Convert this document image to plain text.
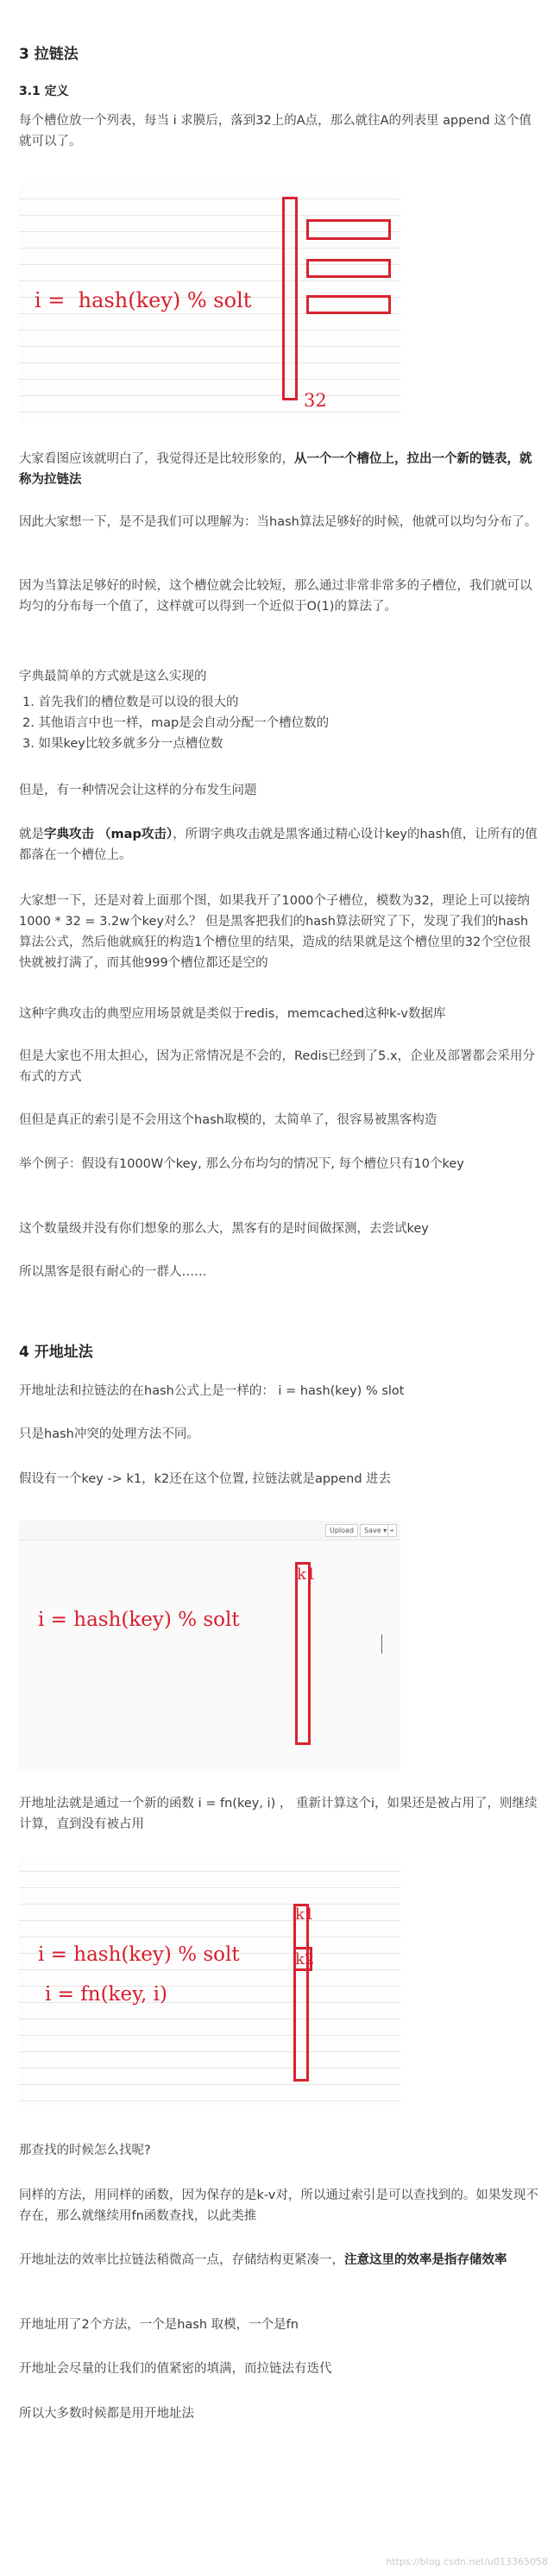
3 拉链法
3.1 定义

每个槽位放一个列表，每当 i 求膜后，落到32上的A点，那么就往A的列表里 append 这个值就可以了。

i =  hash(key) % solt
32

大家看图应该就明白了，我觉得还是比较形象的，从一个一个槽位上，拉出一个新的链表，就称为拉链法

因此大家想一下，是不是我们可以理解为：当hash算法足够好的时候，他就可以均匀分布了。

因为当算法足够好的时候，这个槽位就会比较短，那么通过非常非常多的子槽位，我们就可以均匀的分布每一个值了，这样就可以得到一个近似于O(1)的算法了。

字典最简单的方式就是这么实现的

1. 首先我们的槽位数是可以设的很大的
2. 其他语言中也一样，map是会自动分配一个槽位数的
3. 如果key比较多就多分一点槽位数

但是，有一种情况会让这样的分布发生问题

就是字典攻击 （map攻击），所谓字典攻击就是黑客通过精心设计key的hash值，让所有的值都落在一个槽位上。

大家想一下，还是对着上面那个图，如果我开了1000个子槽位，模数为32，理论上可以接纳 1000 * 32 = 3.2w个key对么？ 但是黑客把我们的hash算法研究了下，发现了我们的hash算法公式，然后他就疯狂的构造1个槽位里的结果，造成的结果就是这个槽位里的32个空位很快就被打满了，而其他999个槽位都还是空的

这种字典攻击的典型应用场景就是类似于redis，memcached这种k-v数据库

但是大家也不用太担心，因为正常情况是不会的，Redis已经到了5.x，企业及部署都会采用分布式的方式

但但是真正的索引是不会用这个hash取模的，太简单了，很容易被黑客构造

举个例子：假设有1000W个key, 那么分布均匀的情况下, 每个槽位只有10个key

这个数量级并没有你们想象的那么大，黑客有的是时间做探测，去尝试key

所以黑客是很有耐心的一群人……

4 开地址法

开地址法和拉链法的在hash公式上是一样的： i = hash(key) % slot

只是hash冲突的处理方法不同。

假设有一个key -> k1，k2还在这个位置, 拉链法就是append 进去

Upload	Save ▾ ⌖
i = hash(key) % solt
k1

开地址法就是通过一个新的函数 i = fn(key, i) ， 重新计算这个i，如果还是被占用了，则继续计算，直到没有被占用

i = hash(key) % solt
i = fn(key, i)
k1
k2

那查找的时候怎么找呢?

同样的方法，用同样的函数，因为保存的是k-v对，所以通过索引是可以查找到的。如果发现不存在，那么就继续用fn函数查找，以此类推

开地址法的效率比拉链法稍微高一点，存储结构更紧凑一，注意这里的效率是指存储效率

开地址用了2个方法，一个是hash 取模，一个是fn

开地址会尽量的让我们的值紧密的填满，而拉链法有迭代

所以大多数时候都是用开地址法

https://blog.csdn.net/u013365058
